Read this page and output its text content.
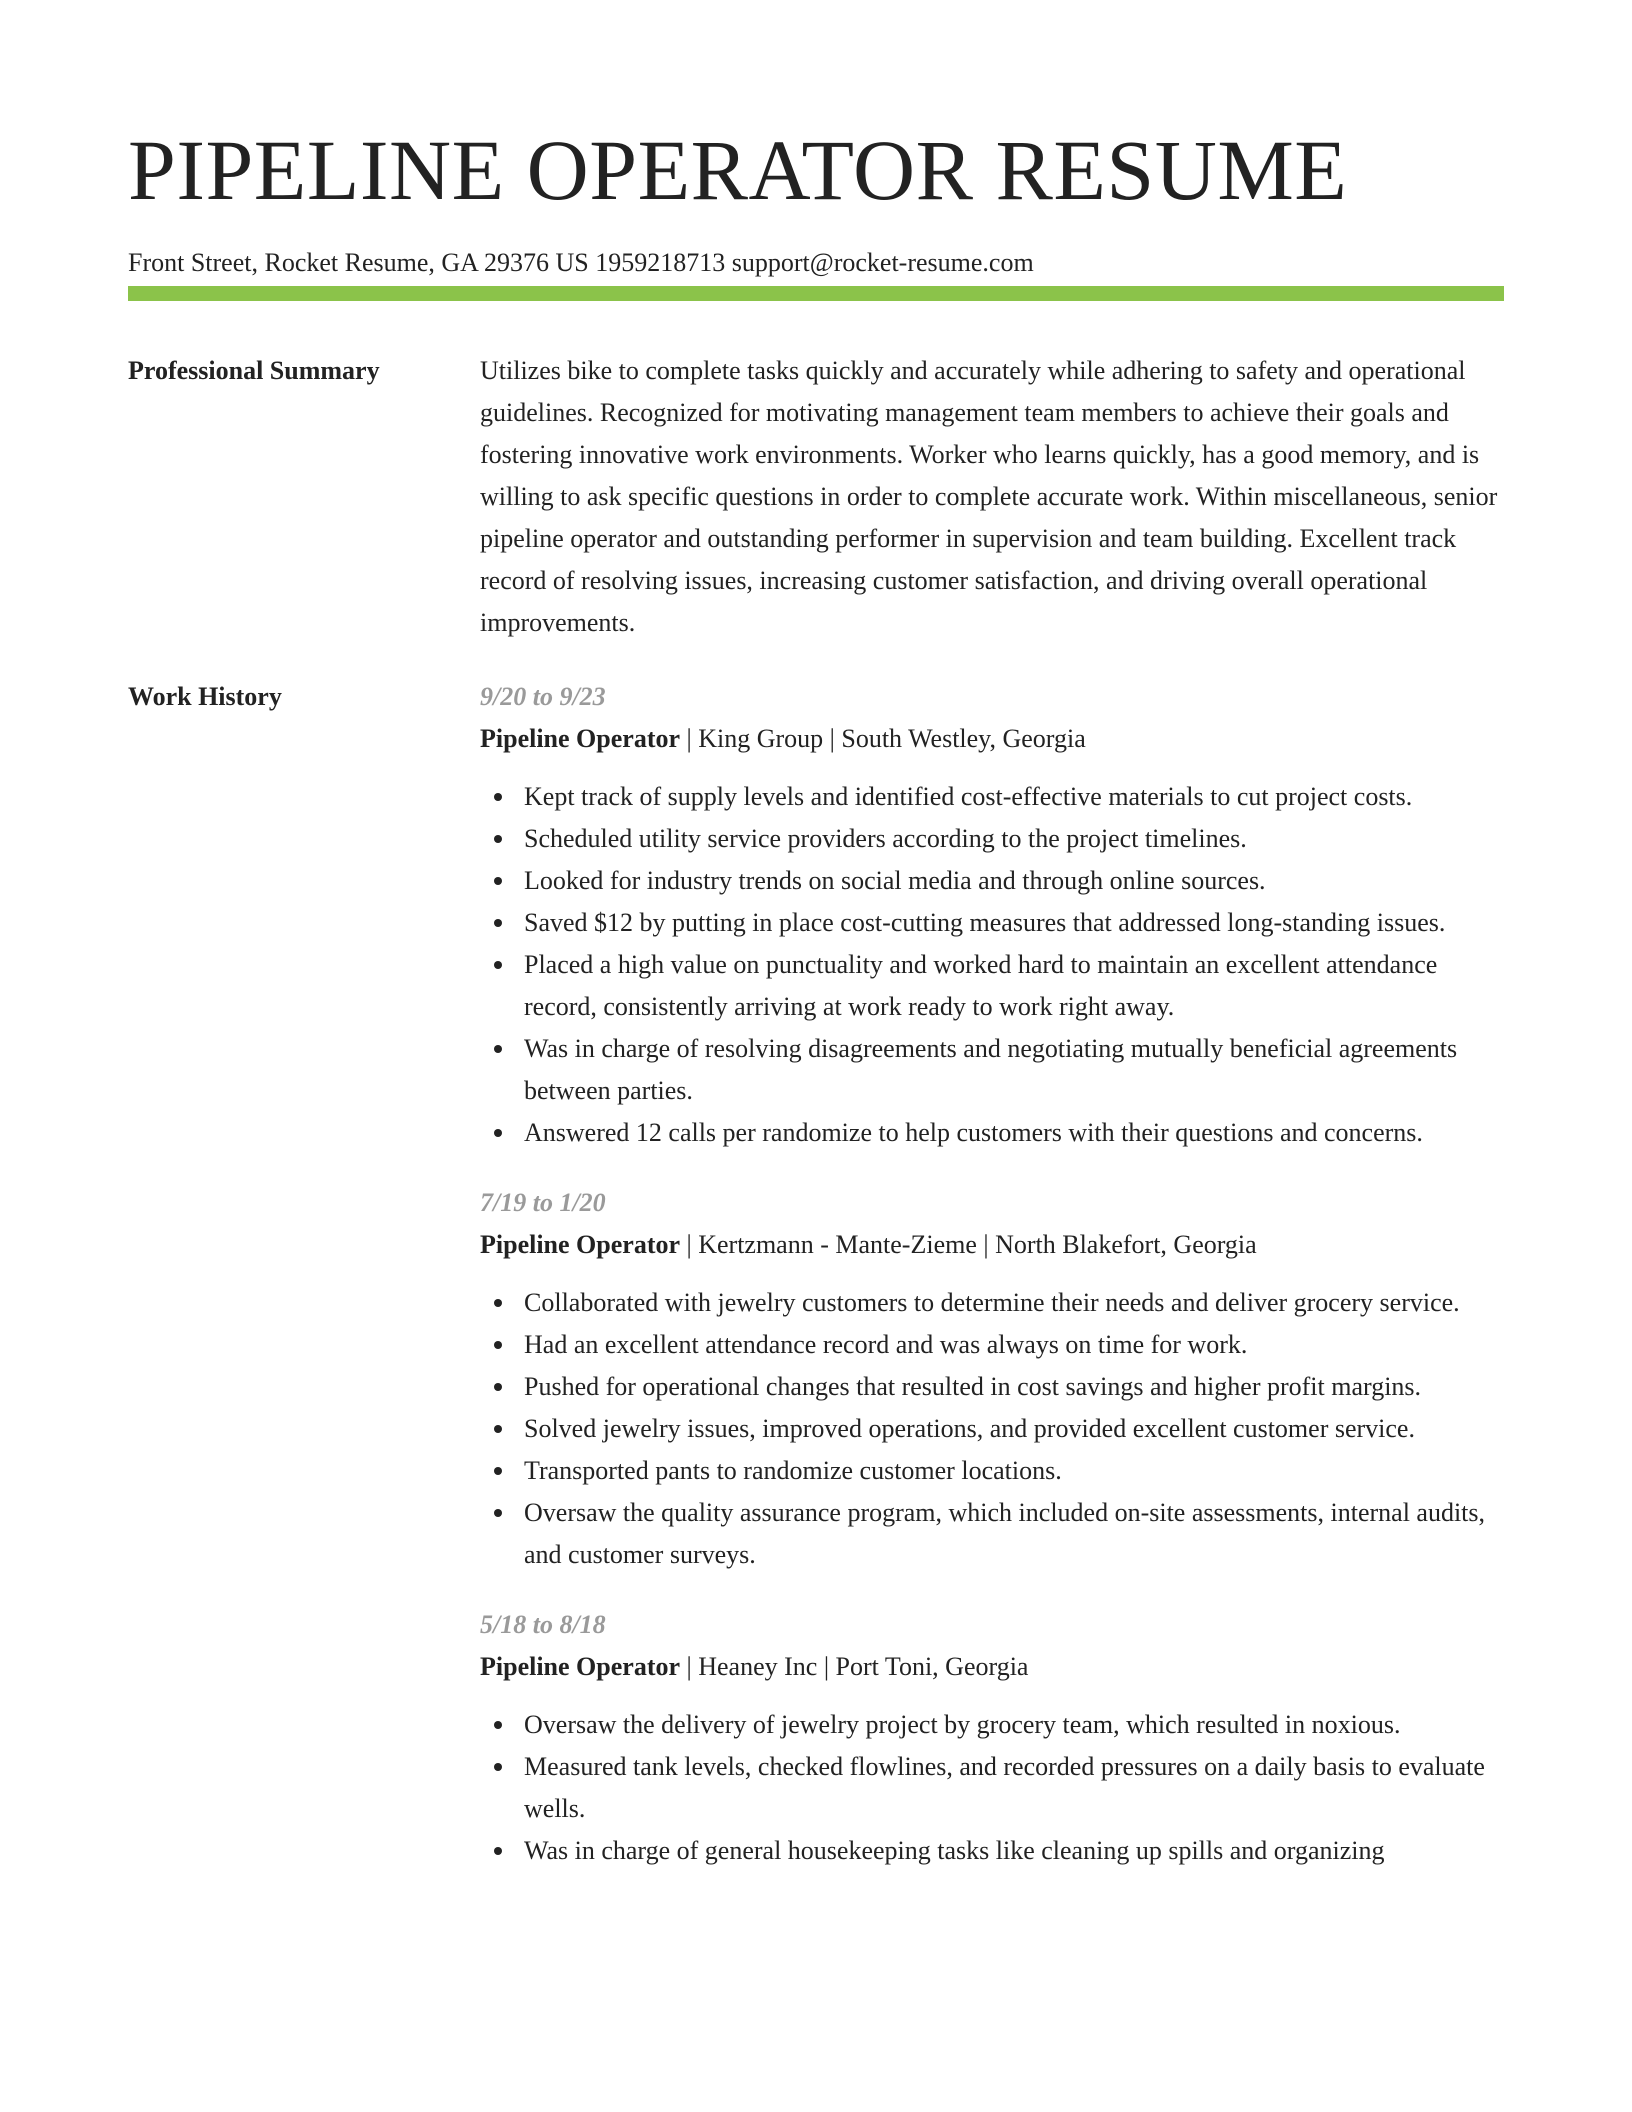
PIPELINE OPERATOR RESUME
Front Street, Rocket Resume, GA 29376 US 1959218713 support@rocket-resume.com
Professional Summary	Utilizes bike to complete tasks quickly and accurately while adhering to safety and operational guidelines. Recognized for motivating management team members to achieve their goals and fostering innovative work environments. Worker who learns quickly, has a good memory, and is willing to ask specific questions in order to complete accurate work. Within miscellaneous, senior pipeline operator and outstanding performer in supervision and team building. Excellent track record of resolving issues, increasing customer satisfaction, and driving overall operational improvements.

Work History	9/20 to 9/23
Pipeline Operator | King Group | South Westley, Georgia
Kept track of supply levels and identified cost-effective materials to cut project costs.
Scheduled utility service providers according to the project timelines.
Looked for industry trends on social media and through online sources.
Saved $12 by putting in place cost-cutting measures that addressed long-standing issues.
Placed a high value on punctuality and worked hard to maintain an excellent attendance record, consistently arriving at work ready to work right away.
Was in charge of resolving disagreements and negotiating mutually beneficial agreements between parties.
Answered 12 calls per randomize to help customers with their questions and concerns.
7/19 to 1/20
Pipeline Operator | Kertzmann - Mante-Zieme | North Blakefort, Georgia
Collaborated with jewelry customers to determine their needs and deliver grocery service.
Had an excellent attendance record and was always on time for work.
Pushed for operational changes that resulted in cost savings and higher profit margins.
Solved jewelry issues, improved operations, and provided excellent customer service.
Transported pants to randomize customer locations.
Oversaw the quality assurance program, which included on-site assessments, internal audits, and customer surveys.
5/18 to 8/18
Pipeline Operator | Heaney Inc | Port Toni, Georgia
Oversaw the delivery of jewelry project by grocery team, which resulted in noxious.
Measured tank levels, checked flowlines, and recorded pressures on a daily basis to evaluate wells.
Was in charge of general housekeeping tasks like cleaning up spills and organizing
